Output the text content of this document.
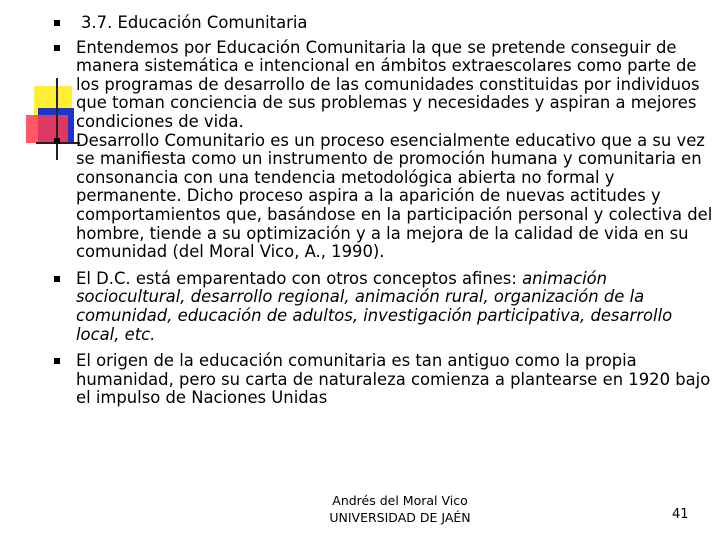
3.7. Educación Comunitaria

Entendemos por Educación Comunitaria la que se pretende conseguir de manera sistemática e intencional en ámbitos extraescolares como parte de los programas de desarrollo de las comunidades constituidas por individuos que toman conciencia de sus problemas y necesidades y aspiran a mejores condiciones de vida.

Desarrollo Comunitario es un proceso esencialmente educativo que a su vez se manifiesta como un instrumento de promoción humana y comunitaria en consonancia con una tendencia metodológica abierta no formal y permanente. Dicho proceso aspira a la aparición de nuevas actitudes y comportamientos que, basándose en la participación personal y colectiva del hombre, tiende a su optimización y a la mejora de la calidad de vida en su comunidad (del Moral Vico, A., 1990).

El D.C. está emparentado con otros conceptos afines: animación sociocultural, desarrollo regional, animación rural, organización de la comunidad, educación de adultos, investigación participativa, desarrollo local, etc.

El origen de la educación comunitaria es tan antiguo como la propia humanidad, pero su carta de naturaleza comienza a plantearse en 1920 bajo el impulso de Naciones Unidas

Andrés del Moral Vico
UNIVERSIDAD DE JAÉN	41
